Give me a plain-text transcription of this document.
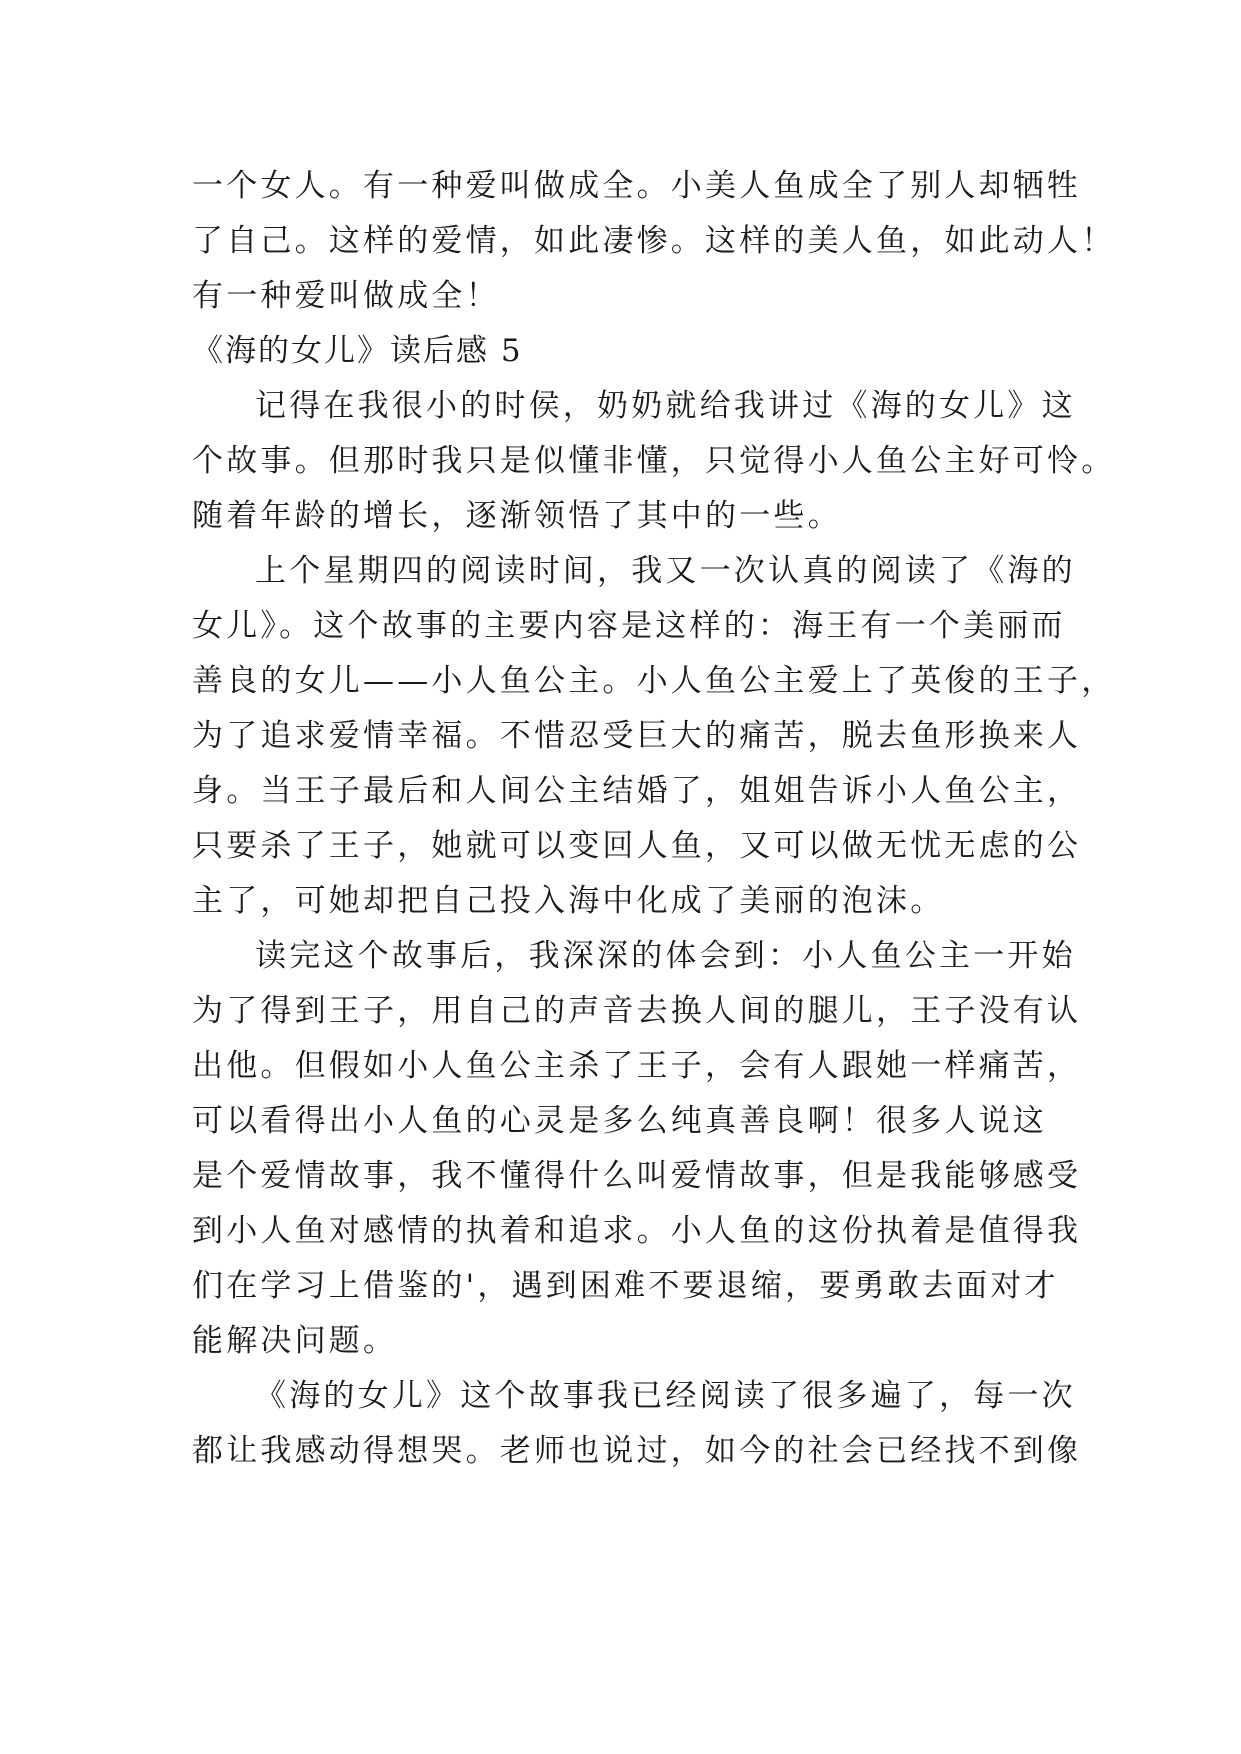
一个女人。有一种爱叫做成全。小美人鱼成全了别人却牺牲
了自己。这样的爱情，如此凄惨。这样的美人鱼，如此动人！
有一种爱叫做成全！
《海的女儿》读后感 5
记得在我很小的时侯，奶奶就给我讲过《海的女儿》这
个故事。但那时我只是似懂非懂，只觉得小人鱼公主好可怜。
随着年龄的增长，逐渐领悟了其中的一些。
上个星期四的阅读时间，我又一次认真的阅读了《海的
女儿》。这个故事的主要内容是这样的：海王有一个美丽而
善良的女儿——小人鱼公主。小人鱼公主爱上了英俊的王子，
为了追求爱情幸福。不惜忍受巨大的痛苦，脱去鱼形换来人
身。当王子最后和人间公主结婚了，姐姐告诉小人鱼公主，
只要杀了王子，她就可以变回人鱼，又可以做无忧无虑的公
主了，可她却把自己投入海中化成了美丽的泡沫。
读完这个故事后，我深深的体会到：小人鱼公主一开始
为了得到王子，用自己的声音去换人间的腿儿，王子没有认
出他。但假如小人鱼公主杀了王子，会有人跟她一样痛苦，
可以看得出小人鱼的心灵是多么纯真善良啊！很多人说这
是个爱情故事，我不懂得什么叫爱情故事，但是我能够感受
到小人鱼对感情的执着和追求。小人鱼的这份执着是值得我
们在学习上借鉴的'，遇到困难不要退缩，要勇敢去面对才
能解决问题。
《海的女儿》这个故事我已经阅读了很多遍了，每一次
都让我感动得想哭。老师也说过，如今的社会已经找不到像
